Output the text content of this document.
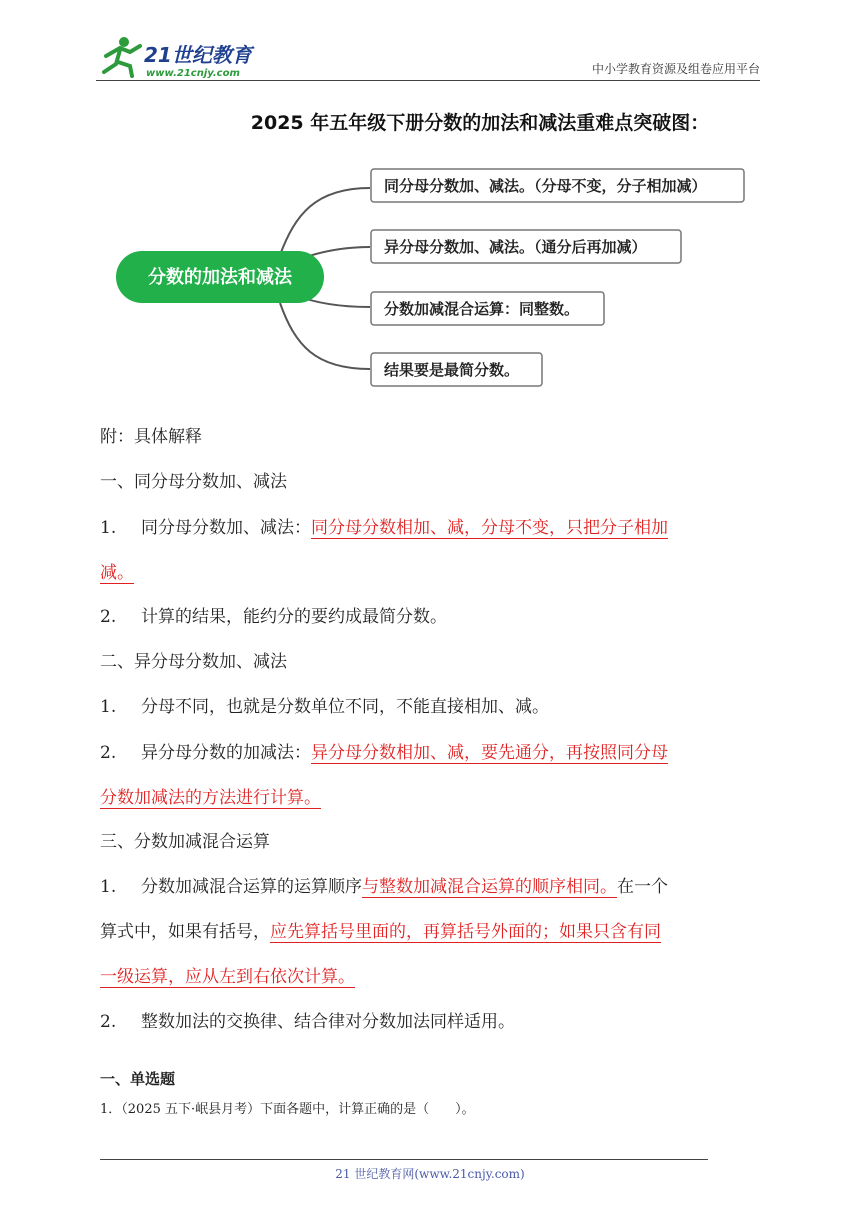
21世纪教育
www.21cnjy.com	中小学教育资源及组卷应用平台
2025 年五年级下册分数的加法和减法重难点突破图：
分数的加法和减法
同分母分数加、减法。（分母不变，分子相加减）
异分母分数加、减法。（通分后再加减）
分数加减混合运算：同整数。
结果要是最简分数。
附：具体解释
一、同分母分数加、减法
1. 同分母分数加、减法：同分母分数相加、减，分母不变，只把分子相加
减。
2. 计算的结果，能约分的要约成最简分数。
二、异分母分数加、减法
1. 分母不同，也就是分数单位不同，不能直接相加、减。
2. 异分母分数的加减法：异分母分数相加、减，要先通分，再按照同分母
分数加减法的方法进行计算。
三、分数加减混合运算
1. 分数加减混合运算的运算顺序与整数加减混合运算的顺序相同。在一个
算式中，如果有括号，应先算括号里面的，再算括号外面的；如果只含有同
一级运算，应从左到右依次计算。
2. 整数加法的交换律、结合律对分数加法同样适用。
一、单选题
1．（2025 五下·岷县月考）下面各题中，计算正确的是（　　）。
21 世纪教育网(www.21cnjy.com)
